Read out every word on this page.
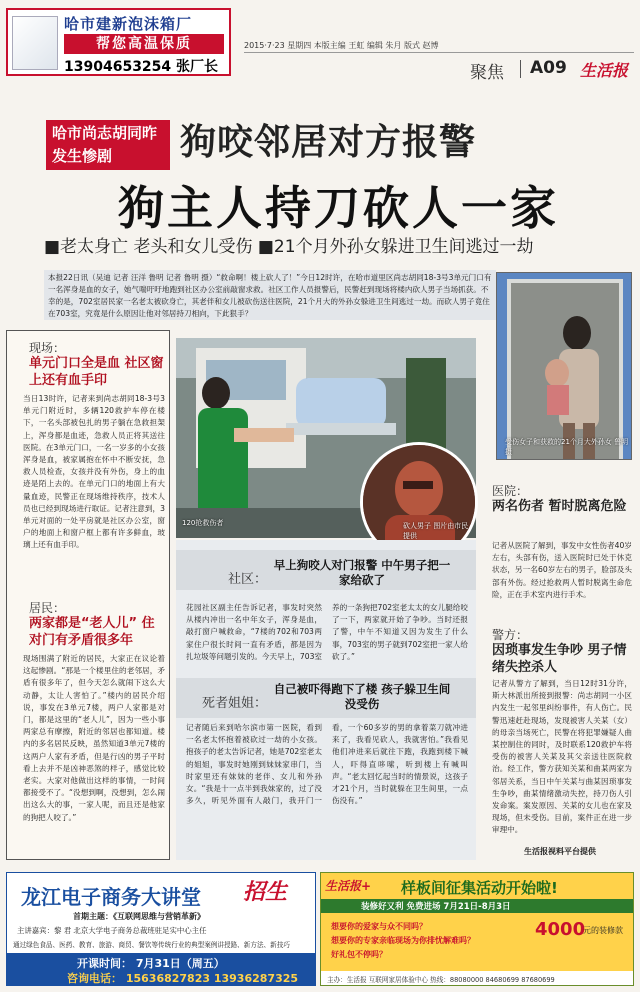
哈市建新泡沫箱厂
帮您高温保质
13904653254 张厂长
2015·7·23 星期四 本版主编 王虹 编辑 朱月 版式 赵博
聚焦 A09 生活报
哈市尚志胡同昨发生惨剧	狗咬邻居对方报警
狗主人持刀砍人一家
■老太身亡 老头和女儿受伤 ■21个月外孙女躲进卫生间逃过一劫
本报22日讯（吴迪 记者 汪洋 鲁明 记者 鲁明 摄）“救命啊！楼上砍人了！”今日12时许，在哈市道里区尚志胡同18-3号3单元门口有一名浑身是血的女子，她气喘吁吁地跑到社区办公室前敲窗求救。社区工作人员报警后，民警赶到现场将楼内砍人男子当场抓获。不幸的是，702室居民家一名老太被砍身亡，其老伴和女儿被砍伤送往医院，21个月大的外孙女躲进卫生间逃过一劫。而砍人男子竟住在703室，究竟是什么原因让他对邻居持刀相向，下此狠手？
受伤女子和获救的21个月大外孙女 鲁明 摄
120抢救伤者	砍人男子 图片由市民提供
现场：
单元门口全是血 社区窗上还有血手印
当日13时许，记者来到尚志胡同18-3号3单元门附近时，多辆120救护车停在楼下，一名头部被包扎的男子躺在急救担架上，浑身都是血迹，急救人员正将其送往医院。在3单元门口，一名一岁多的小女孩浑身是血，被家属抱在怀中不断安抚，急救人员检查，女孩并没有外伤，身上的血迹是陌上去的。在单元门口的地面上有大量血迹，民警正在现场维持秩序，技术人员也已经到现场进行取证。记者注意到，3单元对面的一处平房就是社区办公室，窗户的地面上和窗户框上都有许多鲜血，玻璃上还有血手印。
居民：
两家都是“老人儿” 住对门有矛盾很多年
现场围满了附近的居民，大家正在议论着这起惨剧。“那是一个楼里住的老邻居，矛盾有很多年了，但今天怎么就闹下这么大动静，太让人害怕了。”楼内的居民介绍说，事发在3单元7楼，两户人家都是对门，都是这里的“老人儿”，因为一些小事两家总有摩擦，附近的邻居也都知道。楼内的多名居民反映，虽然知道3单元7楼的这两户人家有矛盾，但是行凶的男子平时看上去并不是凶神恶煞的样子，感觉比较老实。大家对他做出这样的事情，一时间都接受不了。“没想到啊，没想到，怎么闹出这么大的事，一家人呢，而且还是他家的狗把人咬了。”
社区：
早上狗咬人对门报警 中午男子把一家给砍了
花园社区副主任告诉记者，事发时突然从楼内冲出一名中年女子，浑身是血，敲打窗户喊救命，“7楼的702和703两家住户很长时间一直有矛盾，都是因为扎垃圾等问题引发的。今天早上，703室养的一条狗把702室老太太的女儿腿给咬了一下，两家就开始了争吵。当时还报了警，中午不知道又因为发生了什么事，703室的男子就到702室把一家人给砍了。”
死者姐姐：
自己被吓得跑下了楼 孩子躲卫生间没受伤
记者随后来到哈尔滨市第一医院，看到一名老太怀抱着被砍过一劫的小女孩。抱孩子的老太告诉记者，她是702室老太的姐姐，事发时她刚到妹妹家串门，当时家里还有妹妹的老伴、女儿和外孙女。“我是十一点半到我妹家的，过了没多久，听见外面有人敲门，我开门一看，一个60多岁的男的拿着菜刀就冲进来了，我看见砍人，我就害怕。”我看见他们冲进来后就往下跑，我跑到楼下喊人，吓得直哆嗦，听到楼上有喊叫声。“老太回忆起当时的情景说，这孩子才21个月，当时就躲在卫生间里，一点伤没有。”
医院：
两名伤者 暂时脱离危险
记者从医院了解到，事发中女性伤者40岁左右，头部有伤，送入医院时已处于休克状态，另一名60岁左右的男子，脸部及头部有外伤。经过抢救两人暂时脱离生命危险，正在手术室内进行手术。
警方：
因琐事发生争吵 男子情绪失控杀人
记者从警方了解到，当日12时31分许，斯大林派出所接到报警：尚志胡同一小区内发生一起邻里纠纷事件，有人伤亡。民警迅速赶赴现场，发现被害人关某（女）的母亲当场死亡，民警在将犯罪嫌疑人曲某控制住的同时，及时联系120救护车将受伤的被害人关某及其父亲送往医院救治。经工作，警方获知关某和曲某两家为邻居关系，当日中午关某与曲某因琐事发生争吵，曲某情绪激动失控，持刀伤人引发命案。案发原因、关某的女儿也在家及现场，但未受伤。目前，案件正在进一步审理中。
生活报视料平台提供
龙江电子商务大讲堂 招生
首期主题：《互联网思维与营销革新》
主讲嘉宾：黎 君 北京大学电子商务总裁班驻足实中心主任
通过绿色食品、医药、教育、旅游、商贸、餐饮等传统行业的典型案例讲授路、新方法、新技巧
开课时间： 7月31日（周五）
咨询电话： 15636827823 13936287325
生活报+ 样板间征集活动开始啦!
装修好又利 免费进场 7月21日-8月3日
想要你的爱家与众不同吗？
想要你的专家亲临现场为你排忧解难吗？
好礼包不停吗？
4000
元的装修款
主办：生活报 互联网家居体验中心 热线：88080000 84680699 87680699
